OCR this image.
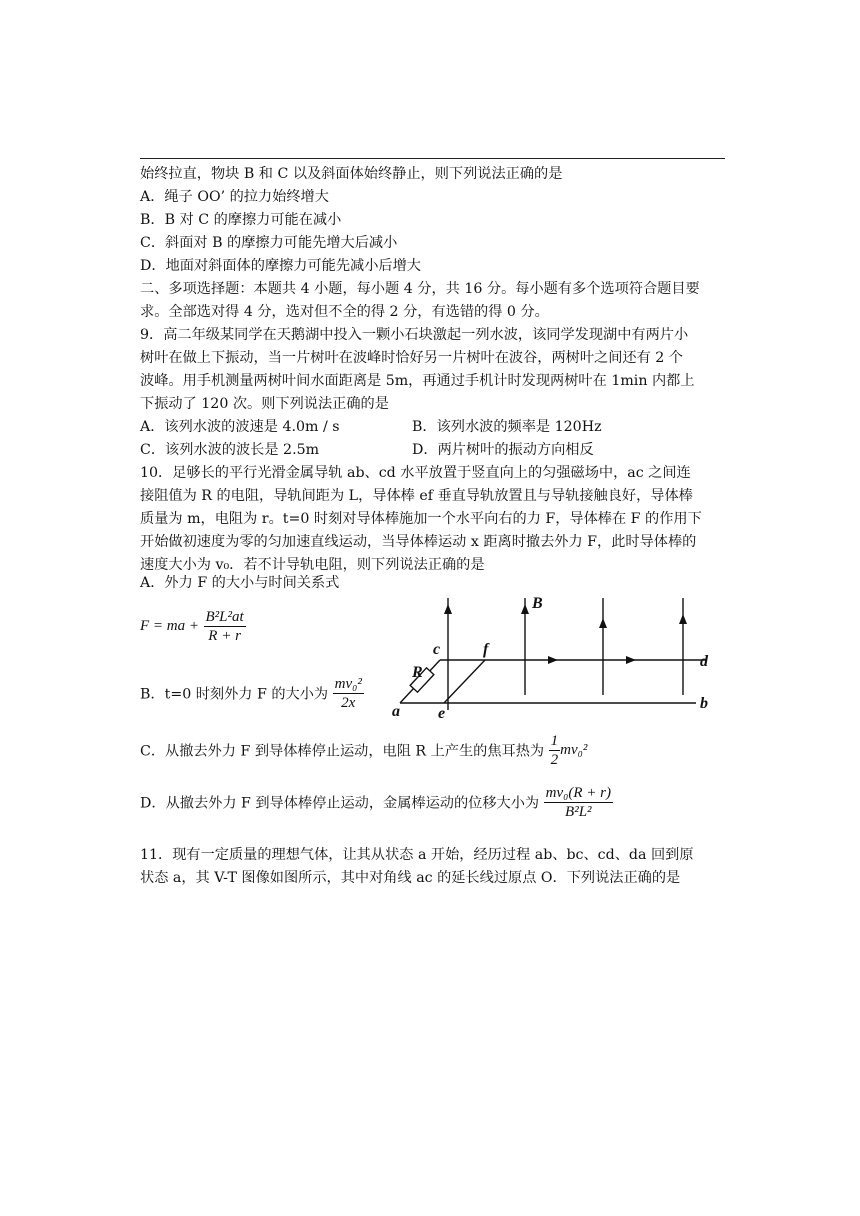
始终拉直，物块 B 和 C 以及斜面体始终静止，则下列说法正确的是
A．绳子 OO’ 的拉力始终增大
B．B 对 C 的摩擦力可能在减小
C．斜面对 B 的摩擦力可能先增大后减小
D．地面对斜面体的摩擦力可能先减小后增大
二、多项选择题：本题共 4 小题，每小题 4 分，共 16 分。每小题有多个选项符合题目要
求。全部选对得 4 分，选对但不全的得 2 分，有选错的得 0 分。
9．高二年级某同学在天鹅湖中投入一颗小石块激起一列水波，该同学发现湖中有两片小
树叶在做上下振动，当一片树叶在波峰时恰好另一片树叶在波谷，两树叶之间还有 2 个
波峰。用手机测量两树叶间水面距离是 5m，再通过手机计时发现两树叶在 1min 内都上
下振动了 120 次。则下列说法正确的是
A．该列水波的波速是 4.0m / s	B．该列水波的频率是 120Hz
C．该列水波的波长是 2.5m	D．两片树叶的振动方向相反
10．足够长的平行光滑金属导轨 ab、cd 水平放置于竖直向上的匀强磁场中，ac 之间连
接阻值为 R 的电阻，导轨间距为 L，导体棒 ef 垂直导轨放置且与导轨接触良好，导体棒
质量为 m，电阻为 r。t=0 时刻对导体棒施加一个水平向右的力 F，导体棒在 F 的作用下
开始做初速度为零的匀加速直线运动，当导体棒运动 x 距离时撤去外力 F，此时导体棒的
速度大小为 v₀．若不计导轨电阻，则下列说法正确的是
A．外力 F 的大小与时间关系式
F = ma + $\frac{\text{B²L²at}}{R + r}$
B．t=0 时刻外力 F 的大小为 $\frac{\text{mv₀²}}{2x}$
C．从撤去外力 F 到导体棒停止运动，电阻 R 上产生的焦耳热为 $\frac{1}{2} mv_0^2$
D．从撤去外力 F 到导体棒停止运动，金属棒运动的位移大小为 $\frac{\text{mv₀(R + r)}}{\text{B²L²}}$
11．现有一定质量的理想气体，让其从状态 a 开始，经历过程 ab、bc、cd、da 回到原
状态 a，其 V-T 图像如图所示，其中对角线 ac 的延长线过原点 O．下列说法正确的是
B
c	f
d
R
a e
b
